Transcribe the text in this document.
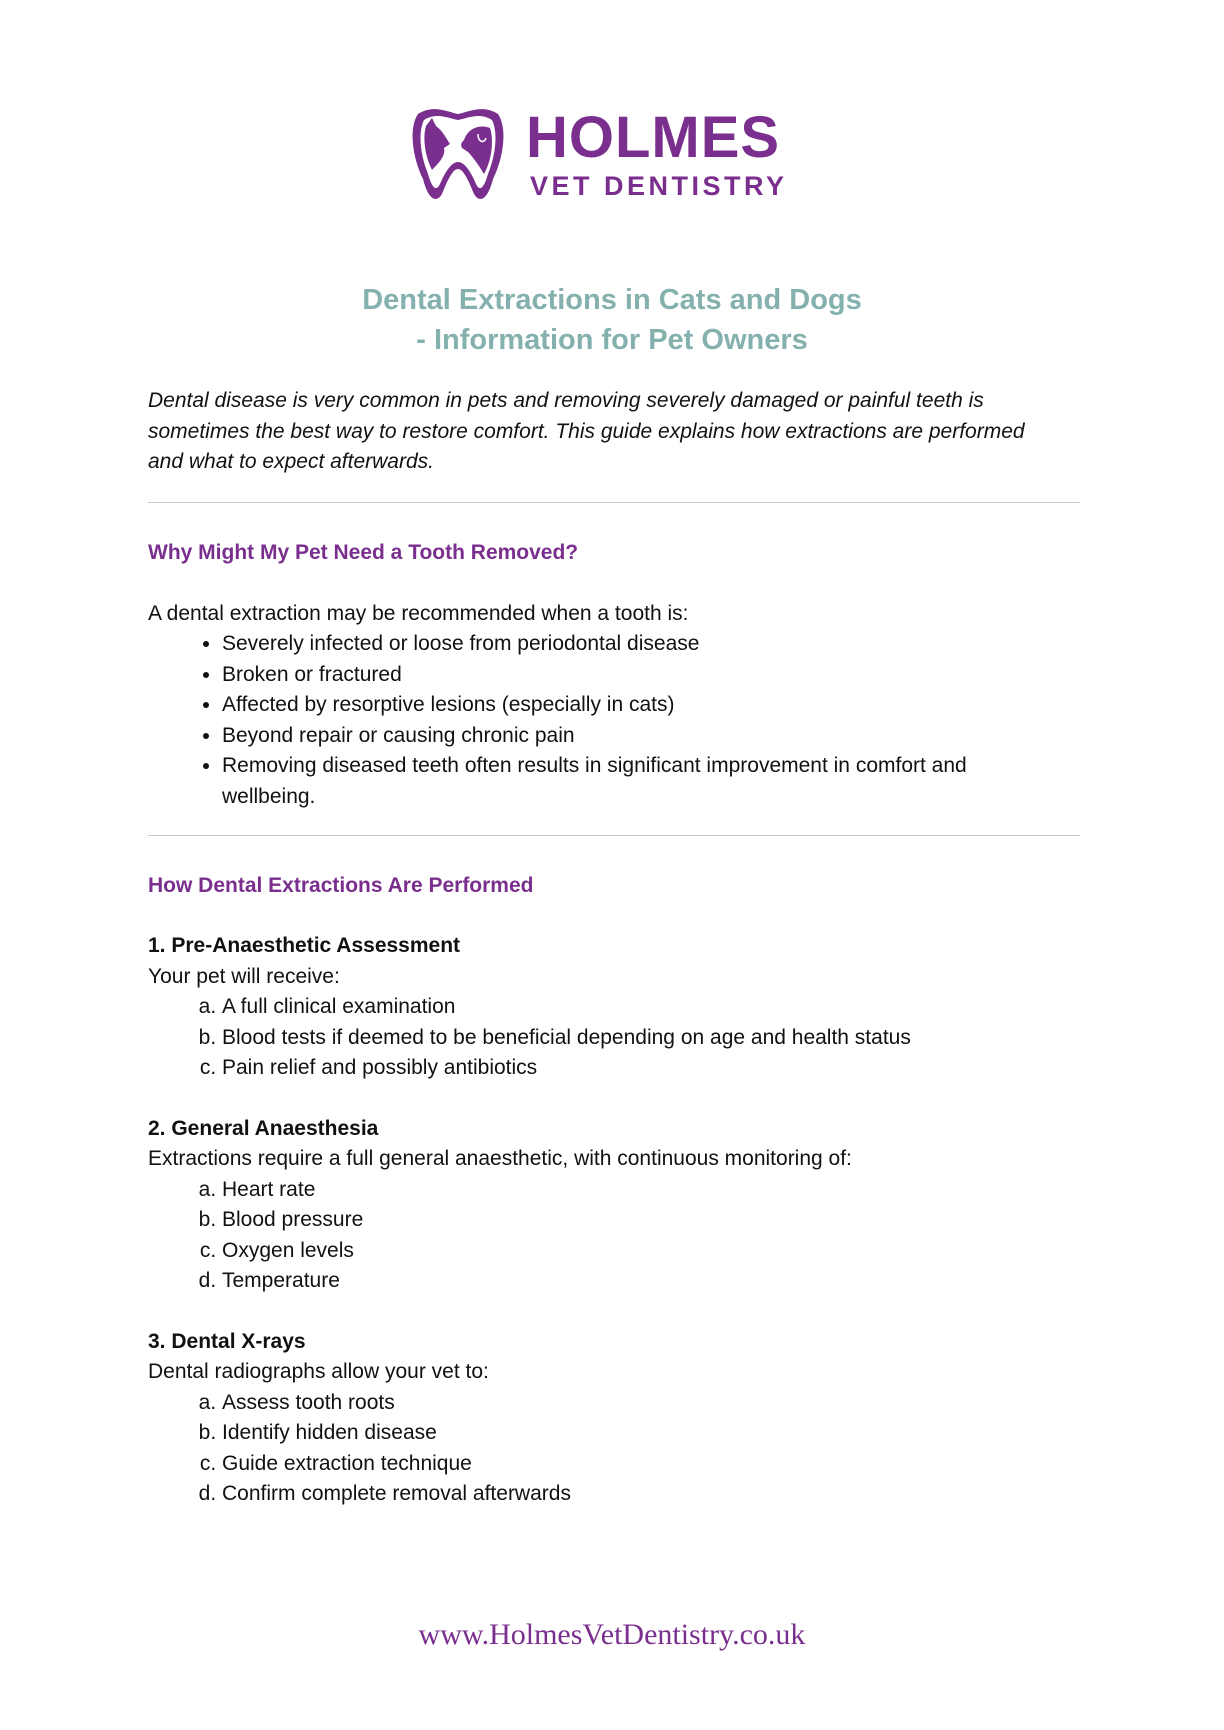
HOLMES
VET DENTISTRY
Dental Extractions in Cats and Dogs
- Information for Pet Owners

Dental disease is very common in pets and removing severely damaged or painful teeth is sometimes the best way to restore comfort. This guide explains how extractions are performed and what to expect afterwards.

Why Might My Pet Need a Tooth Removed?

A dental extraction may be recommended when a tooth is:

• Severely infected or loose from periodontal disease
• Broken or fractured
• Affected by resorptive lesions (especially in cats)
• Beyond repair or causing chronic pain
• Removing diseased teeth often results in significant improvement in comfort and wellbeing.
How Dental Extractions Are Performed
1. Pre-Anaesthetic Assessment

Your pet will receive:

a. A full clinical examination
b. Blood tests if deemed to be beneficial depending on age and health status
c. Pain relief and possibly antibiotics
2. General Anaesthesia

Extractions require a full general anaesthetic, with continuous monitoring of:

a. Heart rate
b. Blood pressure
c. Oxygen levels
d. Temperature
3. Dental X-rays

Dental radiographs allow your vet to:

a. Assess tooth roots
b. Identify hidden disease
c. Guide extraction technique
d. Confirm complete removal afterwards
www.HolmesVetDentistry.co.uk
